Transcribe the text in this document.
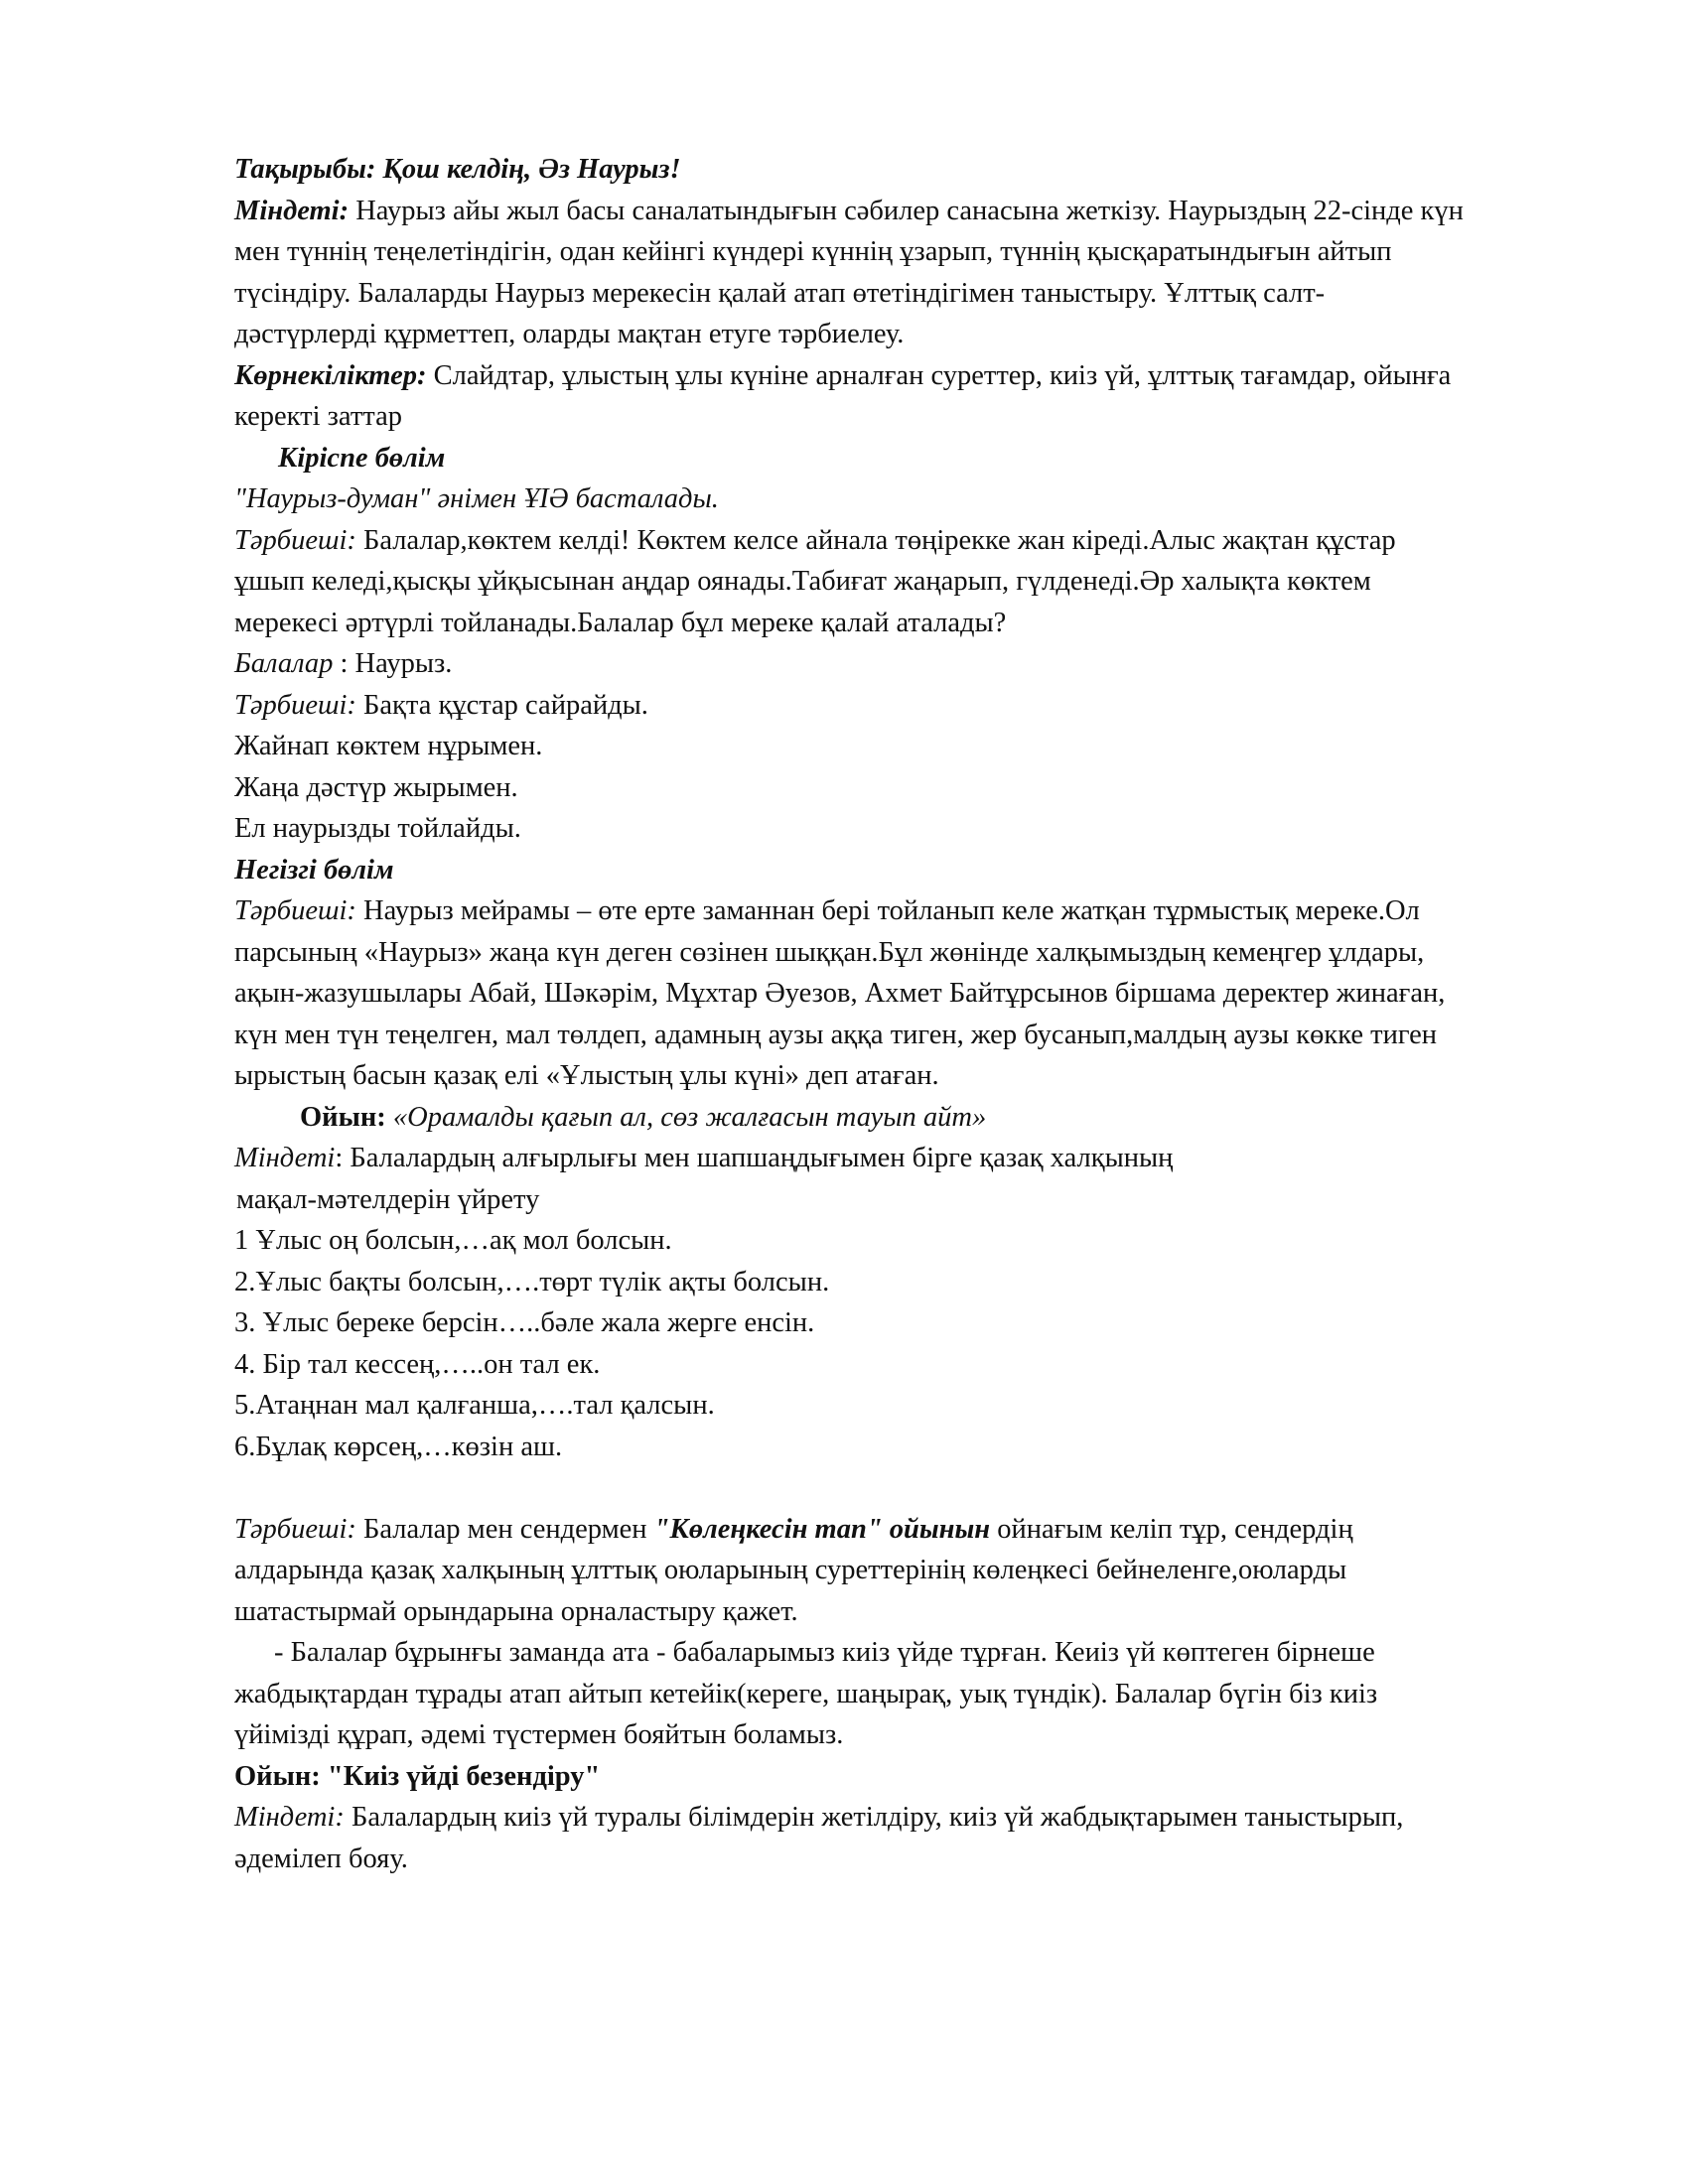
Тақырыбы: Қош келдің, Әз Наурыз!

Міндеті: Наурыз айы жыл басы саналатындығын сәбилер санасына жеткізу. Наурыздың 22-сінде күн

мен түннің теңелетіндігін, одан кейінгі күндері күннің ұзарып, түннің қысқаратындығын айтып

түсіндіру. Балаларды Наурыз мерекесін қалай атап өтетіндігімен таныстыру. Ұлттық салт-

дәстүрлерді құрметтеп, оларды мақтан етуге тәрбиелеу.

Көрнекіліктер: Слайдтар, ұлыстың ұлы күніне арналған суреттер, киіз үй, ұлттық тағамдар, ойынға

керекті заттар

Кіріспе бөлім

"Наурыз-думан" әнімен ҰІӘ басталады.

Тәрбиеші: Балалар,көктем келді! Көктем келсе айнала төңірекке жан кіреді.Алыс жақтан құстар

ұшып келеді,қысқы ұйқысынан аңдар оянады.Табиғат жаңарып, гүлденеді.Әр халықта көктем

мерекесі әртүрлі тойланады.Балалар бұл мереке қалай аталады?

Балалар : Наурыз.

Тәрбиеші: Бақта құстар сайрайды.

Жайнап көктем нұрымен.

Жаңа дәстүр жырымен.

Ел наурызды тойлайды.

Негізгі бөлім

Тәрбиеші: Наурыз мейрамы – өте ерте заманнан бері тойланып келе жатқан тұрмыстық мереке.Ол

парсының «Наурыз» жаңа күн деген сөзінен шыққан.Бұл жөнінде халқымыздың кемеңгер ұлдары,

ақын-жазушылары Абай, Шәкәрім, Мұхтар Әуезов, Ахмет Байтұрсынов біршама деректер жинаған,

күн мен түн теңелген, мал төлдеп, адамның аузы аққа тиген, жер бусанып,малдың аузы көкке тиген

ырыстың басын қазақ елі «Ұлыстың ұлы күні» деп атаған.

Ойын: «Орамалды қағып ал, сөз жалғасын тауып айт»

Міндеті: Балалардың алғырлығы мен шапшаңдығымен бірге қазақ халқының

мақал-мәтелдерін үйрету

1 Ұлыс оң болсын,…ақ мол болсын.

2.Ұлыс бақты болсын,….төрт түлік ақты болсын.

3. Ұлыс береке берсін…..бәле жала жерге енсін.

4. Бір тал кессең,…..он тал ек.

5.Атаңнан мал қалғанша,….тал қалсын.

6.Бұлақ көрсең,…көзін аш.

Тәрбиеші: Балалар мен сендермен "Көлеңкесін тап" ойынын ойнағым келіп тұр, сендердің

алдарында қазақ халқының ұлттық оюларының суреттерінің көлеңкесі бейнеленге,оюларды

шатастырмай орындарына орналастыру қажет.

- Балалар бұрынғы заманда ата - бабаларымыз киіз үйде тұрған. Кеиіз үй көптеген бірнеше

жабдықтардан тұрады атап айтып кетейік(кереге, шаңырақ, уық түндік). Балалар бүгін біз киіз

үйімізді құрап, әдемі түстермен бояйтын боламыз.

Ойын: "Киіз үйді безендіру"

Міндеті: Балалардың киіз үй туралы білімдерін жетілдіру, киіз үй жабдықтарымен таныстырып,

әдемілеп бояу.
